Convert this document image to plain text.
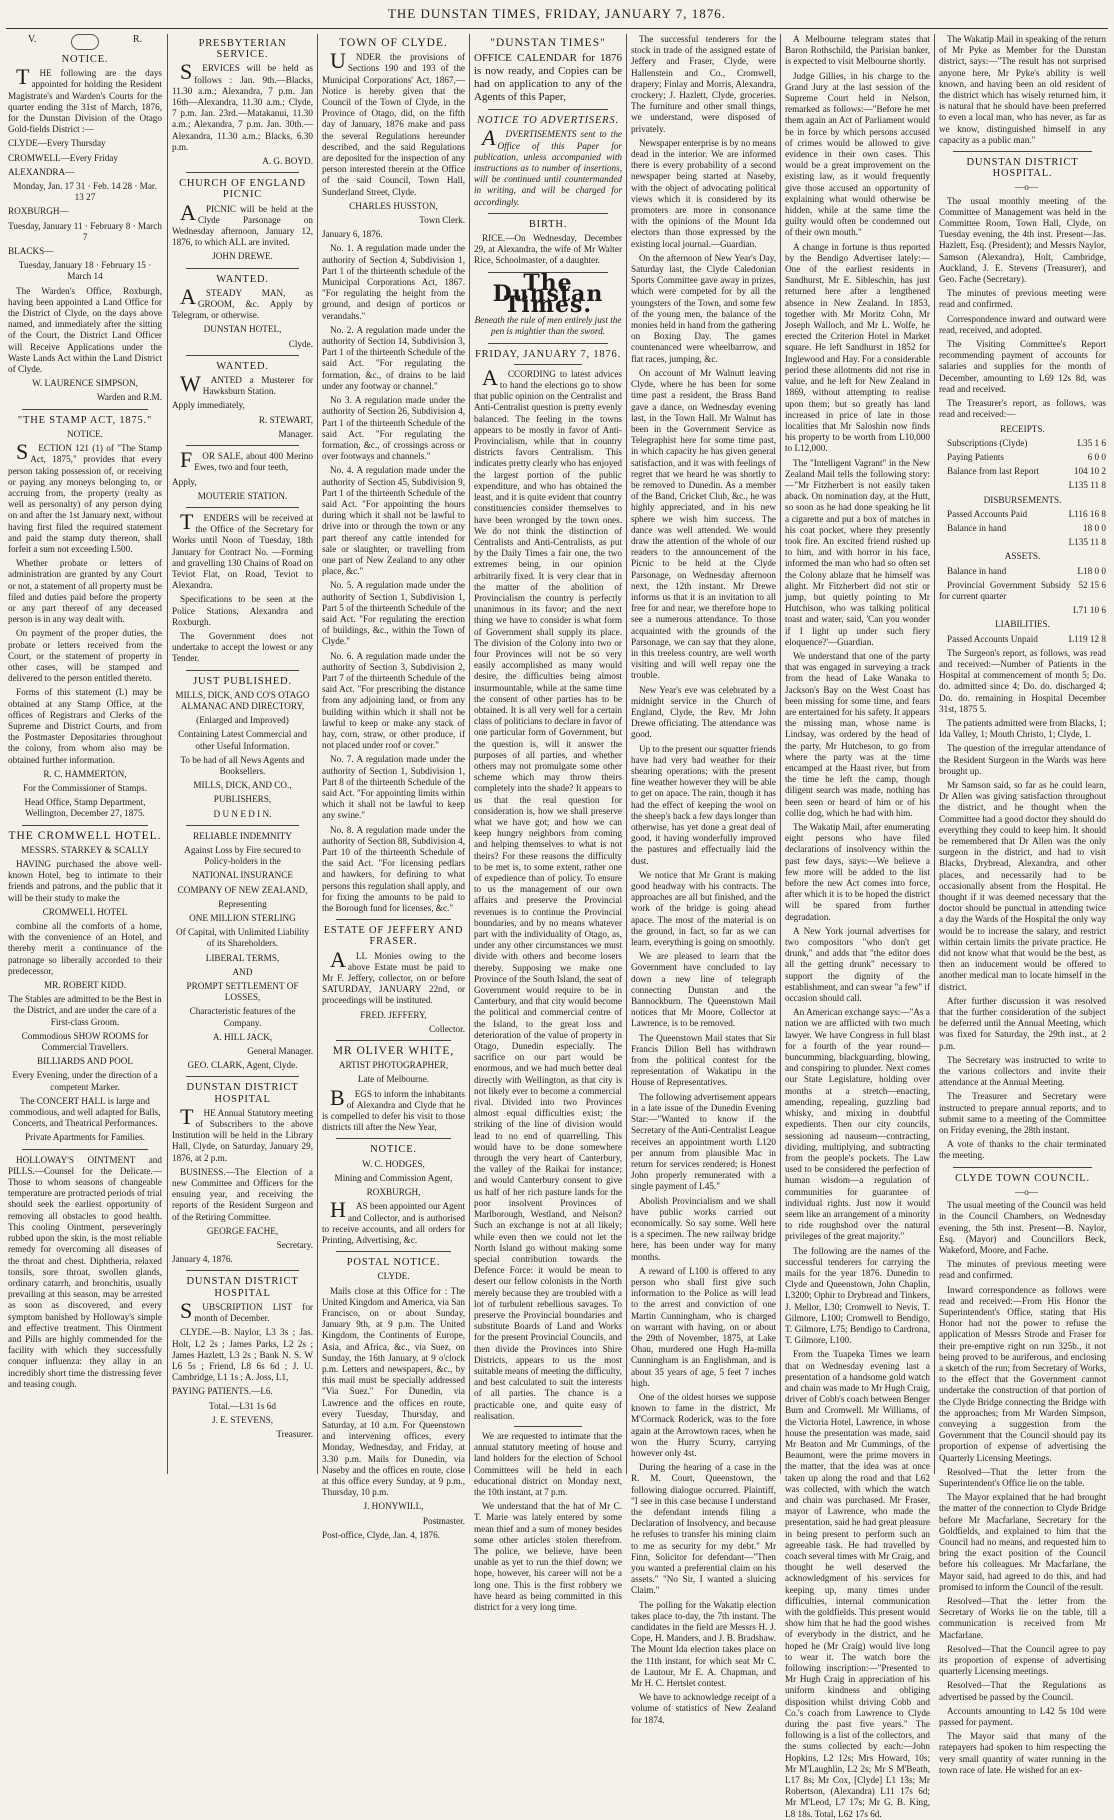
THE DUNSTAN TIMES, FRIDAY, JANUARY 7, 1876.
V.	R.
NOTICE.

THE following are the days appointed for holding the Resident Magistrate's and Warden's Courts for the quarter ending the 31st of March, 1876, for the Dunstan Division of the Otago Gold-fields District :—

CLYDE—Every Thursday

CROMWELL—Every Friday

ALEXANDRA—

Monday, Jan. 17 31 · Feb. 14 28 · Mar. 13 27

ROXBURGH—

Tuesday, January 11 · February 8 · March 7

BLACKS—

Tuesday, January 18 · February 15 · March 14

The Warden's Office, Roxburgh, having been appointed a Land Office for the District of Clyde, on the days above named, and immediately after the sitting of the Court, the District Land Officer will Receive Applications under the Waste Lands Act within the Land District of Clyde.

W. LAURENCE SIMPSON,

Warden and R.M.

"THE STAMP ACT, 1875."

NOTICE.

SECTION 121 (1) of "The Stamp Act, 1875," provides that every person taking possession of, or receiving or paying any moneys belonging to, or accruing from, the property (realty as well as personalty) of any person dying on and after the 1st January next, without having first filed the required statement and paid the stamp duty thereon, shall forfeit a sum not exceeding L500.

Whether probate or letters of administration are granted by any Court or not, a statement of all property must be filed and duties paid before the property or any part thereof of any deceased person is in any way dealt with.

On payment of the proper duties, the probate or letters received from the Court, or the statement of property in other cases, will be stamped and delivered to the person entitled thereto.

Forms of this statement (L) may be obtained at any Stamp Office, at the offices of Registrars and Clerks of the Supreme and District Courts, and from the Postmaster Depositaries throughout the colony, from whom also may be obtained further information.

R. C. HAMMERTON,

For the Commissioner of Stamps.

Head Office, Stamp Department, Wellington, December 27, 1875.

THE CROMWELL HOTEL.

MESSRS. STARKEY & SCALLY

HAVING purchased the above well-known Hotel, beg to intimate to their friends and patrons, and the public that it will be their study to make the

CROMWELL HOTEL

combine all the comforts of a home, with the convenience of an Hotel, and thereby merit a continuance of the patronage so liberally accorded to their predecessor,

MR. ROBERT KIDD.

The Stables are admitted to be the Best in the District, and are under the care of a First-class Groom.

Commodious SHOW ROOMS for Commercial Travellers.

BILLIARDS AND POOL

Every Evening, under the direction of a competent Marker.

The CONCERT HALL is large and commodious, and well adapted for Balls, Concerts, and Theatrical Performances.

Private Apartments for Families.

HOLLOWAY'S OINTMENT and PILLS.—Counsel for the Delicate.—Those to whom seasons of changeable temperature are protracted periods of trial should seek the earliest opportunity of removing all obstacles to good health. This cooling Ointment, perseveringly rubbed upon the skin, is the most reliable remedy for overcoming all diseases of the throat and chest. Diphtheria, relaxed tonsils, sore throat, swollen glands, ordinary catarrh, and bronchitis, usually prevailing at this season, may be arrested as soon as discovered, and every symptom banished by Holloway's simple and effective treatment. This Ointment and Pills are highly commended for the facility with which they successfully conquer influenza: they allay in an incredibly short time the distressing fever and teasing cough.

PRESBYTERIAN SERVICE.

SERVICES will be held as follows : Jan. 9th.—Blacks, 11.30 a.m.; Alexandra, 7 p.m. Jan 16th—Alexandra, 11.30 a.m.; Clyde, 7 p.m. Jan. 23rd.—Matakanui, 11.30 a.m.; Alexandra, 7 p.m. Jan. 30th.—Alexandra, 11.30 a.m.; Blacks, 6.30 p.m.

A. G. BOYD.

CHURCH OF ENGLAND PICNIC

APICNIC will be held at the Clyde Parsonage on Wednesday afternoon, January 12, 1876, to which ALL are invited.

JOHN DREWE.

WANTED.

ASTEADY MAN, as GROOM, &c. Apply by Telegram, or otherwise.

DUNSTAN HOTEL,

Clyde.

WANTED.

WANTED a Musterer for Hawksburn Station.

Apply immediately,

R. STEWART,

Manager.

FOR SALE, about 400 Merino Ewes, two and four teeth,

Apply,

MOUTERIE STATION.

TENDERS will be received at the Office of the Secretary for Works until Noon of Tuesday, 18th January for Contract No. —Forming and gravelling 130 Chains of Road on Teviot Flat, on Road, Teviot to Alexandra.

Specifications to be seen at the Police Stations, Alexandra and Roxburgh.

The Government does not undertake to accept the lowest or any Tender.

JUST PUBLISHED.

MILLS, DICK, AND CO'S OTAGO ALMANAC AND DIRECTORY,

(Enlarged and Improved)

Containing Latest Commercial and other Useful Information.

To be had of all News Agents and Booksellers.

MILLS, DICK, AND CO.,

PUBLISHERS,

D U N E D I N.

RELIABLE INDEMNITY

Against Loss by Fire secured to Policy-holders in the

NATIONAL INSURANCE

COMPANY OF NEW ZEALAND,

Representing

ONE MILLION STERLING

Of Capital, with Unlimited Liability of its Shareholders.

LIBERAL TERMS,

AND

PROMPT SETTLEMENT OF LOSSES,

Characteristic features of the Company.

A. HILL JACK,

General Manager.

GEO. CLARK, Agent, Clyde.

DUNSTAN DISTRICT HOSPITAL

THE Annual Statutory meeting of Subscribers to the above Institution will be held in the Library Hall, Clyde, on Saturday, January 29, 1876, at 2 p.m.

BUSINESS.—The Election of a new Committee and Officers for the ensuing year, and receiving the reports of the Resident Surgeon and of the Retiring Committee.

GEORGE FACHE,

Secretary.

January 4, 1876.

DUNSTAN DISTRICT HOSPITAL

SUBSCRIPTION LIST for month of December.

CLYDE.—B. Naylor, L3 3s ; Jas. Holt, L2 2s ; James Parks, L2 2s ; James Hazlett, L3 2s ; Bank N. S. W L6 5s ; Friend, L8 6s 6d ; J. U. Cambridge, L1 1s ; A. Joss, L1,

PAYING PATIENTS.—L6.

Total.—L31 1s 6d

J. E. STEVENS,

Treasurer.

TOWN OF CLYDE.

UNDER the provisions of Sections 190 and 193 of the Municipal Corporations' Act, 1867,—Notice is hereby given that the Council of the Town of Clyde, in the Province of Otago, did, on the fifth day of January, 1876 make and pass the several Regulations hereunder described, and the said Regulations are deposited for the inspection of any person interested therein at the Office of the said Council, Town Hall, Sunderland Street, Clyde.

CHARLES HUSSTON,

Town Clerk.

January 6, 1876.

No. 1. A regulation made under the authority of Section 4, Subdivision 1, Part 1 of the thirteenth schedule of the Municipal Corporations Act, 1867. "For regulating the height from the ground, and design of porticos or verandahs."

No. 2. A regulation made under the authority of Section 14, Subdivision 3, Part 1 of the thirteenth Schedule of the said Act. "For regulating the formation, &c., of drains to be laid under any footway or channel."

No 3. A regulation made under the authority of Section 26, Subdivision 4, Part 1 of the thirteenth Schedule of the said Act. "For regulating the formation, &c., of crossings across or over footways and channels."

No. 4. A regulation made under the authority of Section 45, Subdivision 9, Part 1 of the thirteenth Schedule of the said Act. "For appointing the hours during which it shall not be lawful to drive into or through the town or any part thereof any cattle intended for sale or slaughter, or travelling from one part of New Zealand to any other place, &c."

No. 5. A regulation made under the authority of Section 1, Subdivision 1, Part 5 of the thirteenth Schedule of the said Act. "For regulating the erection of buildings, &c., within the Town of Clyde."

No. 6. A regulation made under the authority of Section 3, Subdivision 2, Part 7 of the thirteenth Schedule of the said Act. "For prescribing the distance from any adjoining land, or from any building within which it shall not be lawful to keep or make any stack of hay, corn, straw, or other produce, if not placed under roof or cover."

No. 7. A regulation made under the authority of Section 1, Subdivision 1, Part 8 of the thirteenth Schedule of the said Act. "For appointing limits within which it shall not be lawful to keep any swine."

No. 8. A regulation made under the authority of Section 88, Subdivision 4, Part 10 of the thirteenth Schedule of the said Act. "For licensing pedlars and hawkers, for defining to what persons this regulation shall apply, and for fixing the amounts to be paid to the Borough fund for licenses, &c."

ESTATE OF JEFFERY AND FRASER.

ALL Monies owing to the above Estate must be paid to Mr F. Jeffery, collector, on or before SATURDAY, JANUARY 22nd, or proceedings will be instituted.

FRED. JEFFERY,

Collector.

MR OLIVER WHITE,

ARTIST PHOTOGRAPHER,

Late of Melbourne.

BEGS to inform the inhabitants of Alexandra and Clyde that he is compelled to defer his visit to those districts till after the New Year,

NOTICE.

W. C. HODGES,

Mining and Commission Agent,

ROXBURGH,

HAS been appointed our Agent and Collector, and is authorised to receive accounts, and all orders for Printing, Advertising, &c.

POSTAL NOTICE.

CLYDE.

Mails close at this Office for : The United Kingdom and America, via San Francisco, on or about Sunday, January 9th, at 9 p.m. The United Kingdom, the Continents of Europe, Asia, and Africa, &c., via Suez, on Sunday, the 16th January, at 9 o'clock p.m. Letters and newspapers, &c., by this mail must be specially addressed "Via Suez." For Dunedin, via Lawrence and the offices en route, every Tuesday, Thursday, and Saturday, at 10 a.m. For Queenstown and intervening offices, every Monday, Wednesday, and Friday, at 3.30 p.m. Mails for Dunedin, via Naseby and the offices en route, close at this office every Sunday, at 9 p.m., Thursday, 10 p.m.

J. HONYWILL,

Postmaster.

Post-office, Clyde, Jan. 4, 1876.

"DUNSTAN TIMES"

OFFICE CALENDAR for 1876 is now ready, and Copies can be had on application to any of the Agents of this Paper,

NOTICE TO ADVERTISERS.

ADVERTISEMENTS sent to the Office of this Paper for publication, unless accompanied with instructions as to number of insertions, will be continued until countermanded in writing, and will be charged for accordingly.

BIRTH.

RICE.—On Wednesday, December 29, at Alexandra, the wife of Mr Walter Rice, Schoolmaster, of a daughter.

The Dunstan Times.

Beneath the rule of men entirely just the pen is mightier than the sword.

FRIDAY, JANUARY 7, 1876.

ACCORDING to latest advices to hand the elections go to show that public opinion on the Centralist and Anti-Centralist question is pretty evenly balanced. The feeling in the towns appears to be mostly in favor of Anti-Provincialism, while that in country districts favors Centralism. This indicates pretty clearly who has enjoyed the largest portion of the public expenditure, and who has obtained the least, and it is quite evident that country constituencies consider themselves to have been wronged by the town ones. We do not think the distinction of Centralists and Anti-Centralists, as put by the Daily Times a fair one, the two extremes being, in our opinion arbitrarily fixed. It is very clear that in the matter of the abolition of Provincialism the country is perfectly unanimous in its favor; and the next thing we have to consider is what form of Government shall supply its place. The division of the Colony into two or four Provinces will not be so very easily accomplished as many would desire, the difficulties being almost insurmountable, while at the same time the consent of other parties has to be obtained. It is all very well for a certain class of politicians to declare in favor of one particular form of Government, but the question is, will it answer the purposes of all parties, and whether others may not promulgate some other scheme which may throw theirs completely into the shade? It appears to us that the real question for consideration is, how we shall preserve what we have got; and how we can keep hungry neighbors from coming and helping themselves to what is not theirs? For these reasons the difficulty to be met is, to some extent, rather one of expedience than of policy. To ensure to us the management of our own affairs and preserve the Provincial revenues is to continue the Provincial boundaries, and by no means whatever part with the individuality of Otago, as, under any other circumstances we must divide with others and become losers thereby. Supposing we make one Province of the South Island, the seat of Government would require to be in Canterbury, and that city would become the political and commercial centre of the Island, to the great loss and deterioration of the value of property in Otago, Dunedin especially. The sacrifice on our part would be enormous, and we had much better deal directly with Wellington, as that city is not likely ever to become a commercial rival. Divided into two Provinces almost equal difficulties exist; the striking of the line of division would lead to no end of quarrelling. This would have to be done somewhere through the very heart of Canterbury, the valley of the Raikai for instance; and would Canterbury consent to give us half of her rich pasture lands for the poor insolvent Provinces of Marlborough, Westland, and Nelson? Such an exchange is not at all likely; while even then we could not let the North Island go without making some special contribution towards the Defence Force: it would be mean to desert our fellow colonists in the North merely because they are troubled with a lot of turbulent rebellious savages. To preserve the Provincial boundaries and substitute Boards of Land and Works for the present Provincial Councils, and then divide the Provinces into Shire Districts, appears to us the most suitable means of meeting the difficulty, and best calculated to suit the interests of all parties. The chance is a practicable one, and quite easy of realisation.

We are requested to intimate that the annual statutory meeting of house and land holders for the election of School Committees will be held in each educational district on Monday next, the 10th instant, at 7 p.m.

We understand that the hat of Mr C. T. Marie was lately entered by some mean thief and a sum of money besides some other articles stolen therefrom. The police, we believe, have been unable as yet to run the thief down; we hope, however, his career will not be a long one. This is the first robbery we have heard as being committed in this district for a very long time.

The successful tenderers for the stock in trade of the assigned estate of Jeffery and Fraser, Clyde, were Hallenstein and Co., Cromwell, drapery; Finlay and Morris, Alexandra, crockery; J. Hazlett, Clyde, groceries. The furniture and other small things, we understand, were disposed of privately.

Newspaper enterprise is by no means dead in the interior. We are informed there is every probability of a second newspaper being started at Naseby, with the object of advocating political views which it is considered by its promoters are more in consonance with the opinions of the Mount Ida electors than those expressed by the existing local journal.—Guardian.

On the afternoon of New Year's Day, Saturday last, the Clyde Caledonian Sports Committee gave away in prizes, which were competed for by all the youngsters of the Town, and some few of the young men, the balance of the monies held in hand from the gathering on Boxing Day. The games countenanced were wheelbarrow, and flat races, jumping, &c.

On account of Mr Walnutt leaving Clyde, where he has been for some time past a resident, the Brass Band gave a dance, on Wednesday evening last, in the Town Hall. Mr Walnut has been in the Government Service as Telegraphist here for some time past, in which capacity he has given general satisfaction, and it was with feelings of regret that we heard he was shortly to be removed to Dunedin. As a member of the Band, Cricket Club, &c., he was highly appreciated, and in his new sphere we wish him success. The dance was well attended. We would draw the attention of the whole of our readers to the announcement of the Picnic to be held at the Clyde Parsonage, on Wednesday afternoon next, the 12th instant. Mr Drewe informs us that it is an invitation to all free for and near, we therefore hope to see a numerous attendance. To those acquainted with the grounds of the Parsonage, we can say that they alone, in this treeless country, are well worth visiting and will well repay one the trouble.

New Year's eve was celebrated by a midnight service in the Church of England, Clyde, the Rev. Mr John Drewe officiating. The attendance was good.

Up to the present our squatter friends have had very bad weather for their shearing operations; with the present fine weather however they will be able to get on apace. The rain, though it has had the effect of keeping the wool on the sheep's back a few days longer than otherwise, has yet done a great deal of good, it having wonderfully improved the pastures and effectually laid the dust.

We notice that Mr Grant is making good headway with his contracts. The approaches are all but finished, and the work of the bridge is going ahead apace. The most of the material is on the ground, in fact, so far as we can learn, everything is going on smoothly.

We are pleased to learn that the Government have concluded to lay down a new line of telegraph connecting Dunstan and the Bannockburn. The Queenstown Mail notices that Mr Moore, Collector at Lawrence, is to be removed.

The Queenstown Mail states that Sir Francis Dillon Bell has withdrawn from the political contest for the representation of Wakatipu in the House of Representatives.

The following advertisement appears in a late issue of the Dunedin Evening Star:—"Wanted to know if the Secretary of the Anti-Centralist League receives an appointment worth L120 per annum from plausible Mac in return for services rendered; is Honest John properly remunerated with a single payment of L45."

Abolish Provincialism and we shall have public works carried out economically. So say some. Well here is a specimen. The new railway bridge here, has been under way for many months.

A reward of L100 is offered to any person who shall first give such information to the Police as will lead to the arrest and conviction of one Martin Cunningham, who is charged on warrant with having, on or about the 29th of November, 1875, at Lake Ohau, murdered one Hugh Ha-milla Cunningham is an Englishman, and is about 35 years of age, 5 feet 7 inches high.

One of the oldest horses we suppose known to fame in the district, Mr M'Cormack Roderick, was to the fore again at the Arrowtown races, when he won the Hurry Scurry, carrying however only 4st.

During the hearing of a case in the R. M. Court, Queenstown, the following dialogue occurred. Plaintiff, "I see in this case because I understand the defendant intends filing a Declaration of Insolvency, and because he refuses to transfer his mining claim to me as security for my debt." Mr Finn, Solicitor for defendant—"Then you wanted a preferential claim on his assets." "No Sir, I wanted a sluicing Claim."

The polling for the Wakatip election takes place to-day, the 7th instant. The candidates in the field are Messrs H. J. Cope, H. Manders, and J. B. Bradshaw. The Mount Ida election takes place on the 11th instant, for which seat Mr C. de Lautour, Mr E. A. Chapman, and Mr H. C. Hertslet contest.

We have to acknowledge receipt of a volume of statistics of New Zealand for 1874.

A Melbourne telegram states that Baron Rothschild, the Parisian banker, is expected to visit Melbourne shortly.

Judge Gillies, in his charge to the Grand Jury at the last session of the Supreme Court held in Nelson, remarked as follows:—"Before he met them again an Act of Parliament would be in force by which persons accused of crimes would be allowed to give evidence in their own cases. This would be a great improvement on the existing law, as it would frequently give those accused an opportunity of explaining what would otherwise be hidden, while at the same time the guilty would often be condemned out of their own mouth."

A change in fortune is thus reported by the Bendigo Advertiser lately:—One of the earliest residents in Sandhurst, Mr E. Sibleschin, has just returned here after a lengthened absence in New Zealand. In 1853, together with Mr Moritz Cohn, Mr Joseph Walloch, and Mr L. Wolfe, he erected the Criterion Hotel in Market square. He left Sandhurst in 1852 for Inglewood and Hay. For a considerable period these allotments did not rise in value, and he left for New Zealand in 1869, without attempting to realise upon them; but so greatly has land increased in price of late in those localities that Mr Saloshin now finds his property to be worth from L10,000 to L12,000.

The "Intelligent Vagrant" in the New Zealand Mail tells the following story:—"Mr Fitzherbert is not easily taken aback. On nomination day, at the Hutt, so soon as he had done speaking he lit a cigarette and put a box of matches in his coat pocket, where they presently took fire. An excited friend rushed up to him, and with horror in his face, informed the man who had so often set the Colony ablaze that he himself was alight. Mr Fitzherbert did not stir or jump, but quietly pointing to Mr Hutchison, who was talking political toast and water, said, 'Can you wonder if I light up under such fiery eloquence?'—Guardian.

We understand that one of the party that was engaged in surveying a track from the head of Lake Wanaka to Jackson's Bay on the West Coast has been missing for some time, and fears are entertained for his safety. It appears the missing man, whose name is Lindsay, was ordered by the head of the party, Mr Hutcheson, to go from where the party was at the time encamped at the Haast river, but from the time he left the camp, though diligent search was made, nothing has been seen or heard of him or of his collie dog, which he had with him.

The Wakatip Mail, after enumerating eight persons who have filed declarations of insolvency within the past few days, says:—We believe a few more will be added to the list before the new Act comes into force, after which it is to be hoped the district will be spared from further degradation.

A New York journal advertises for two compositors "who don't get drunk," and adds that "the editor does all the getting drunk" necessary to support the dignity of the establishment, and can swear "a few" if occasion should call.

An American exchange says:—"As a nation we are afflicted with two much lawyer. We have Congress in full blast for a fourth of the year round—buncumming, blackguarding, blowing, and conspiring to plunder. Next comes our State Legislature, holding over months at a stretch—enacting, amending, repealing, guzzling bad whisky, and mixing in doubtful expedients. Then our city councils, sessioning ad nauseam—contracting, dividing, multiplying, and subtracting from the people's pockets. The Law used to be considered the perfection of human wisdom—a regulation of communities for guarantee of individual rights. Just now it would seem like an arrangement of a minority to ride roughshod over the natural privileges of the great majority."

The following are the names of the successful tenderers for carrying the mails for the year 1876. Dunedin to Clyde and Queenstown, John Chaplin, L3200; Ophir to Drybread and Tinkers, J. Mellor, L30; Cromwell to Nevis, T. Gilmore, L100; Cromwell to Bendigo, T. Gilmore, L75; Bendigo to Cardrona, T. Gilmore, L100.

From the Tuapeka Times we learn that on Wednesday evening last a presentation of a handsome gold watch and chain was made to Mr Hugh Craig, driver of Cobb's coach between Benger Burn and Cromwell. Mr Williams, of the Victoria Hotel, Lawrence, in whose house the presentation was made, said Mr Beaton and Mr Cummings, of the Beaumont, were the prime movers in the matter, that the idea was at once taken up along the road and that L62 was collected, with which the watch and chain was purchased. Mr Fraser, mayor of Lawrence, who made the presentation, said he had great pleasure in being present to perform such an agreeable task. He had travelled by coach several times with Mr Craig, and thought he well deserved the acknowledgment of his services for keeping up, many times under difficulties, internal communication with the goldfields. This present would show him that he had the good wishes of everybody in the district, and he hoped he (Mr Craig) would live long to wear it. The watch bore the following inscription:—"Presented to Mr Hugh Craig in appreciation of his uniform kindness and obliging disposition whilst driving Cobb and Co.'s coach from Lawrence to Clyde during the past five years." The following is a list of the collectors, and the sums collected by each:—John Hopkins, L2 12s; Mrs Howard, 10s; Mr M'Laughlin, L2 2s; Mr S M'Beath, L17 8s; Mr Cox, [Clyde] L1 13s; Mr Robertson, (Alexandra) L11 17s 6d; Mr M'Leod, L7 17s; Mr G. B. King, L8 18s. Total, L62 17s 6d.

The Wakatip Mail in speaking of the return of Mr Pyke as Member for the Dunstan district, says:—"The result has not surprised anyone here, Mr Pyke's ability is well known, and having been an old resident of the district which has wisely returned him, it is natural that he should have been preferred to even a local man, who has never, as far as we know, distinguished himself in any capacity as a public man."

DUNSTAN DISTRICT HOSPITAL.

—o—

The usual monthly meeting of the Committee of Management was held in the Committee Room, Town Hall, Clyde, on Tuesday evening, the 4th inst. Present—Jas. Hazlett, Esq. (President); and Messrs Naylor, Samson (Alexandra), Holt, Cambridge, Auckland, J. E. Stevens (Treasurer), and Geo. Fache (Secretary).

The minutes of previous meeting were read and confirmed.

Correspondence inward and outward were read, received, and adopted.

The Visiting Committee's Report recommending payment of accounts for salaries and supplies for the month of December, amounting to L69 12s 8d, was read and received.

The Treasurer's report, as follows, was read and received:—

RECEIPTS.

Subscriptions (Clyde)	L35 1 6

Paying Patients	6 0 0

Balance from last Report	104 10 2

L135 11 8

DISBURSEMENTS.

Passed Accounts Paid	L116 16 8

Balance in hand	18 0 0

L135 11 8

ASSETS.

Balance in hand	L18 0 0

Provincial Government Subsidy for current quarter
52 15 6

L71 10 6

LIABILITIES.

Passed Accounts Unpaid	L119 12 8

The Surgeon's report, as follows, was read and received:—Number of Patients in the Hospital at commencement of month 5; Do. do. admitted since 4; Do. do. discharged 4; Do. do. remaining in Hospital December 31st, 1875 5.

The patients admitted were from Blacks, 1; Ida Valley, 1; Mouth Christo, 1; Clyde, 1.

The question of the irregular attendance of the Resident Surgeon in the Wards was here brought up.

Mr Samson said, so far as he could learn, Dr Allen was giving satisfaction throughout the district, and he thought when the Committee had a good doctor they should do everything they could to keep him. It should be remembered that Dr Allen was the only surgeon in the district, and had to visit Blacks, Drybread, Alexandra, and other places, and necessarily had to be occasionally absent from the Hospital. He thought if it was deemed necessary that the doctor should be punctual in attending twice a day the Wards of the Hospital the only way would be to increase the salary, and restrict within certain limits the private practice. He did not know what that would be the best, as then an inducement would be offered to another medical man to locate himself in the district.

After further discussion it was resolved that the further consideration of the subject be deferred until the Annual Meeting, which was fixed for Saturday, the 29th inst., at 2 p.m.

The Secretary was instructed to write to the various collectors and invite their attendance at the Annual Meeting.

The Treasurer and Secretary were instructed to prepare annual reports, and to submit same to a meeting of the Committee on Friday evening, the 28th instant.

A vote of thanks to the chair terminated the meeting.

CLYDE TOWN COUNCIL.

—o—

The usual meeting of the Council was held in the Council Chambers, on Wednesday evening, the 5th inst. Present—B. Naylor, Esq. (Mayor) and Councillors Beck, Wakeford, Moore, and Fache.

The minutes of previous meeting were read and confirmed.

Inward correspondence as follows were read and received:—From His Honor the Superintendent's Office, stating that His Honor had not the power to refuse the application of Messrs Strode and Fraser for their pre-emptive right on run 325b., it not being proved to be auriferous, and enclosing a sketch of the run; from Secretary of Works, to the effect that the Government cannot undertake the construction of that portion of the Clyde Bridge connecting the Bridge with the approaches; from Mr Warden Simpson, conveying a suggestion from the Government that the Council should pay its proportion of expense of advertising the Quarterly Licensing Meetings.

Resolved—That the letter from the Superintendent's Office lie on the table.

The Mayor explained that he had brought the matter of the connection to Clyde Bridge before Mr Macfarlane, Secretary for the Goldfields, and explained to him that the Council had no means, and requested him to bring the exact position of the Council before his colleagues. Mr Macfarlane, the Mayor said, had agreed to do this, and had promised to inform the Council of the result.

Resolved—That the letter from the Secretary of Works lie on the table, till a communication is received from Mr Macfarlane.

Resolved—That the Council agree to pay its proportion of expense of advertising quarterly Licensing meetings.

Resolved—That the Regulations as advertised be passed by the Council.

Accounts amounting to L42 5s 10d were passed for payment.

The Mayor said that many of the ratepayers had spoken to him respecting the very small quantity of water running in the town race of late. He wished for an ex-
